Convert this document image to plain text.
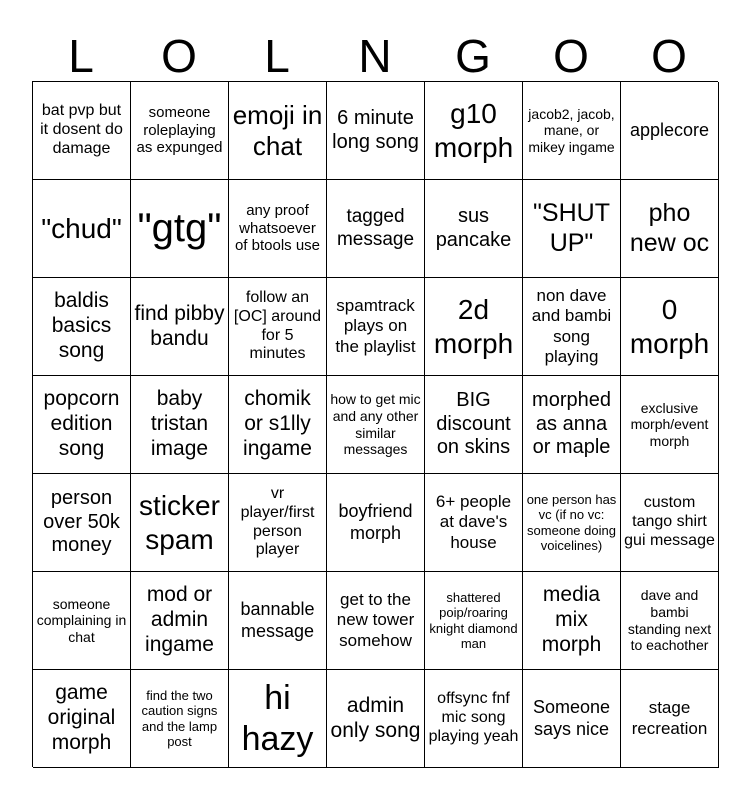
L	O	L	N	G	O	O
bat pvp but it dosent do damage
someone roleplaying as expunged
emoji in chat
6 minute long song
g10 morph
jacob2, jacob, mane, or mikey ingame
applecore
"chud" "gtg"	any proof whatsoever of btools use
tagged message
sus pancake
"SHUT UP"
pho new oc
baldis basics song
find pibby bandu
follow an [OC] around for 5 minutes
spamtrack plays on the playlist
2d morph
non dave and bambi song playing
0 morph
popcorn edition song
baby tristan image
chomik or s1lly ingame
how to get mic and any other similar messages
BIG discount on skins
morphed as anna or maple
exclusive morph/event morph
person over 50k money
sticker spam
vr player/first person player
boyfriend morph
6+ people at dave's house
one person has vc (if no vc: someone doing voicelines)
custom tango shirt gui message
someone complaining in chat
mod or admin ingame
bannable message
get to the new tower somehow
shattered poip/roaring knight diamond man
media mix morph
dave and bambi standing next to eachother
game original morph
find the two caution signs and the lamp post
hi hazy
admin only song
offsync fnf mic song playing yeah
Someone says nice
stage recreation
